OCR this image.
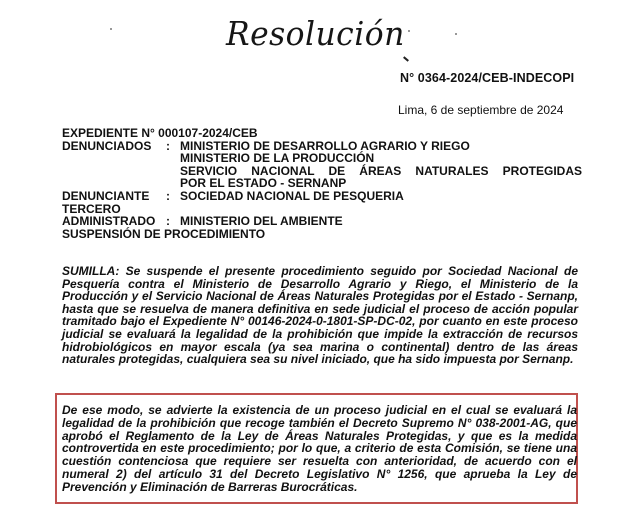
Resolución
N° 0364-2024/CEB-INDECOPI
Lima, 6 de septiembre de 2024
EXPEDIENTE N° 000107-2024/CEB
DENUNCIADOS	: MINISTERIO DE DESARROLLO AGRARIO Y RIEGO
MINISTERIO DE LA PRODUCCIÓN
SERVICIO NACIONAL DE ÁREAS NATURALES PROTEGIDAS
POR EL ESTADO - SERNANP
DENUNCIANTE	: SOCIEDAD NACIONAL DE PESQUERIA
TERCERO
ADMINISTRADO : MINISTERIO DEL AMBIENTE
SUSPENSIÓN DE PROCEDIMIENTO
SUMILLA: Se suspende el presente procedimiento seguido por Sociedad Nacional de Pesquería contra el Ministerio de Desarrollo Agrario y Riego, el Ministerio de la Producción y el Servicio Nacional de Áreas Naturales Protegidas por el Estado - Sernanp, hasta que se resuelva de manera definitiva en sede judicial el proceso de acción popular tramitado bajo el Expediente N° 00146-2024-0-1801-SP-DC-02, por cuanto en este proceso judicial se evaluará la legalidad de la prohibición que impide la extracción de recursos hidrobiológicos en mayor escala (ya sea marina o continental) dentro de las áreas naturales protegidas, cualquiera sea su nivel iniciado, que ha sido impuesta por Sernanp.
De ese modo, se advierte la existencia de un proceso judicial en el cual se evaluará la legalidad de la prohibición que recoge también el Decreto Supremo N° 038-2001-AG, que aprobó el Reglamento de la Ley de Áreas Naturales Protegidas, y que es la medida controvertida en este procedimiento; por lo que, a criterio de esta Comisión, se tiene una cuestión contenciosa que requiere ser resuelta con anterioridad, de acuerdo con el numeral 2) del artículo 31 del Decreto Legislativo N° 1256, que aprueba la Ley de Prevención y Eliminación de Barreras Burocráticas.
